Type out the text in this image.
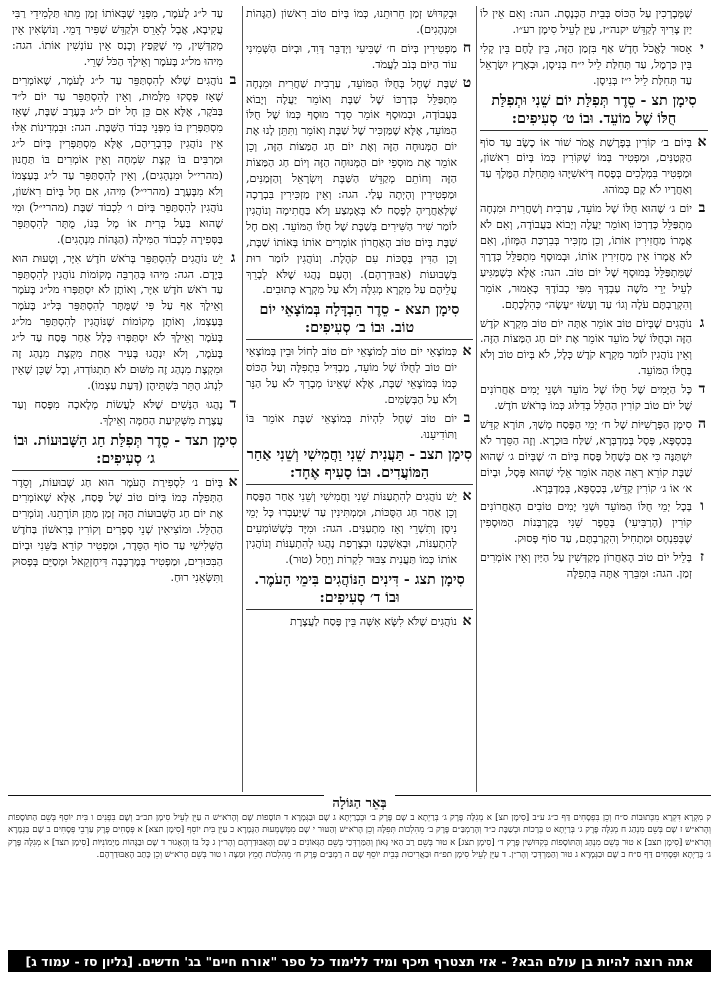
שֶׁמְּבָרְכִין עַל הַכּוֹס בְּבֵית הַכְּנֶסֶת. הגה: וְאִם אֵין לוֹ יַיִן צָרִיךְ לְקַדֵּשׁ יקנה״ז, עַיֵּן לְעֵיל סִימָן רע״ו.
י
אָסוּר לֶאֱכֹל חָדָשׁ אַף בִּזְמַן הַזֶּה, בֵּין לֶחֶם בֵּין קָלִי בֵּין כַּרְמֶל, עַד תְּחִלַּת לֵיל י״ח בְּנִיסָן, וּבְאֶרֶץ יִשְׂרָאֵל עַד תְּחִלַּת לֵיל י״ז בְּנִיסָן.
סִימָן תצ - סֵדֶר תְּפִלַּת יוֹם שֵׁנִי וּתְפִלַּת חֻלּוֹ שֶׁל מוֹעֵד. וּבוֹ ט׳ סְעִיפִים:
א
בְּיוֹם ב׳ קוֹרִין בְּפָרָשַׁת אֱמֹר שׁוֹר אוֹ כֶשֶׂב עַד סוֹף הַקְּטַנִּים, וּמַפְטִיר בְּמוֹ שֶׁקּוֹרִין כְּמוֹ בְּיוֹם רִאשׁוֹן, וּמַפְטִיר בִּמְלָכִים בְּפֶסַח דְּיֹאשִׁיָּהוּ מִתְּחִלַּת הַמֶּלֶךְ עַד וְאַחֲרָיו לֹא קָם כָּמוֹהוּ.
ב
יוֹם ג׳ שֶׁהוּא חֻלּוֹ שֶׁל מוֹעֵד, עַרְבִית וְשַׁחֲרִית וּמִנְחָה מִתְפַּלֵּל כְּדַרְכּוֹ וְאוֹמֵר יַעֲלֶה וְיָבוֹא בַּעֲבוֹדָה, וְאִם לֹא אֲמָרוֹ מַחֲזִירִין אוֹתוֹ, וְכֵן מַזְכִּיר בְּבִרְכַּת הַמָּזוֹן, וְאִם לֹא אֲמָרוֹ אֵין מַחֲזִירִין אוֹתוֹ, וּבְמוּסָף מִתְפַּלֵּל כְּדֶרֶךְ שֶׁמִּתְפַּלֵּל בְּמוּסָף שֶׁל יוֹם טוֹב. הגה: אֶלָּא כְּשֶׁמַּגִּיעַ לְעֵיל יְרֵי מֹשֶׁה עַבְדֶּךָ מִפִּי כְבוֹדֶךָ כָּאָמוּר, אוֹמֵר וְהִקְרַבְתֶּם עֹלָה וְגוֹ׳ עַד וְעָשׂוּ ״עָשָׂה״ כְּהִלְכָתָם.
ג
נוֹהֲגִים שֶׁבְּיוֹם טוֹב אוֹמֵר אַתָּה יוֹם טוֹב מִקְרָא קֹדֶשׁ הַזֶּה וּבְחֻלּוֹ שֶׁל מוֹעֵד אוֹמֵר אֶת יוֹם חַג הַמַּצּוֹת הַזֶּה. וְאֵין נוֹהֲגִין לוֹמַר מִקְרָא קֹדֶשׁ כְּלָל, לֹא בְּיוֹם טוֹב וְלֹא בְּחֻלּוֹ הַמּוֹעֵד.
ד
כָּל הַיָּמִים שֶׁל חֻלּוֹ שֶׁל מוֹעֵד וּשְׁנֵי יָמִים אַחֲרוֹנִים שֶׁל יוֹם טוֹב קוֹרִין הַהַלֵּל בְּדִלּוּג כְּמוֹ בְּרֹאשׁ חֹדֶשׁ.
ה
סִימָן הַפָּרָשִׁיּוֹת שֶׁל ח׳ יְמֵי הַפֶּסַח מְשַׁךְ, תּוֹרָא קַדֵּשׁ בְּכַסְפָּא, פְּסָל בְּמַדְבְּרָא, שַׁלַּח בּוּכְרָא. וְזֶה הַסֵּדֶר לֹא יִשְׁתַּנֶּה כִּי אִם כְּשֶׁחָל פֶּסַח בְּיוֹם ה׳ שֶׁבְּיוֹם ג׳ שֶׁהוּא שַׁבָּת קוֹרֵא רְאֵה אַתָּה אוֹמֵר אֵלַי שֶׁהוּא פְּסָל, וּבְיוֹם א׳ אוֹ ג׳ קוֹרִין קַדֵּשׁ, בְּכַסְפָּא, בְּמַדְבְּרָא.
ו
בְּכָל יְמֵי חֻלּוֹ הַמּוֹעֵד וּשְׁנֵי יָמִים טוֹבִים הָאַחֲרוֹנִים קוֹרִין (הָרַבִּיעִי) בְּסֵפֶר שֵׁנִי בְּקָרְבְּנוֹת הַמּוּסָפִין שֶׁבְּפִנְחָס וּמַתְחִיל וְהִקְרַבְתֶּם, עַד סוֹף פָּסוּק.
ז
בְּלֵיל יוֹם טוֹב הָאַחֲרוֹן מְקַדְּשִׁין עַל הַיַּיִן וְאֵין אוֹמְרִים זְמַן. הגה: וּמִבֵּרַךְ אַתָּה בִּתְפִלָּה
וּבְקִדּוּשׁ זְמַן חֵרוּתֵנוּ, כְּמוֹ בְּיוֹם טוֹב רִאשׁוֹן (הַגָּהוֹת וּמִנְהָגִים).
ח
מַפְטִירִין בְּיוֹם ח׳ שֶׁבִּיעִי וַיְדַבֵּר דָּוִד, וּבְיוֹם הַשְּׁמִינִי עוֹד הַיּוֹם בְּנֹב לַעֲמֹד.
ט
שַׁבָּת שֶׁחָל בְּחֻלּוֹ הַמּוֹעֵד, עַרְבִית שַׁחֲרִית וּמִנְחָה מִתְפַּלֵּל כְּדַרְכּוֹ שֶׁל שַׁבָּת וְאוֹמֵר יַעֲלֶה וְיָבוֹא בַּעֲבוֹדָה, וּבְמוּסָף אוֹמֵר סֵדֶר מוּסָף כְּמוֹ שֶׁל חֻלּוֹ הַמּוֹעֵד, אֶלָּא שֶׁמַּזְכִּיר שֶׁל שַׁבָּת וְאוֹמֵר וַתִּתֵּן לָנוּ אֶת יוֹם הַמְּנוּחָה הַזֶּה וְאֶת יוֹם חַג הַמַּצּוֹת הַזֶּה, וְכֵן אוֹמֵר אֶת מוּסְפֵי יוֹם הַמְּנוּחָה הַזֶּה וְיוֹם חַג הַמַּצּוֹת הַזֶּה וְחוֹתֵם מְקַדֵּשׁ הַשַּׁבָּת וְיִשְׂרָאֵל וְהַזְּמַנִּים, וּמַפְטִירִין וְהָיְתָה עָלַי. הגה: וְאֵין מַזְכִּירִין בִּבְרָכָה שֶׁלְּאַחֲרֶיהָ לְפֶסַח לֹא בְּאֶמְצַע וְלֹא בַּחֲתִימָה וְנוֹהֲגִין לוֹמַר שִׁיר הַשִּׁירִים בְּשַׁבָּת שֶׁל חֻלּוֹ הַמּוֹעֵד. וְאִם חָל שַׁבָּת בְּיוֹם טוֹב הָאַחֲרוֹן אוֹמְרִים אוֹתוֹ בְּאוֹתוֹ שַׁבָּת, וְכֵן הַדִּין בְּסֻכּוֹת עִם קֹהֶלֶת. וְנוֹהֲגִין לוֹמַר רוּת בְּשָׁבוּעוֹת (אַבּוּדַרְהָם). וְהָעָם נָהֲגוּ שֶׁלֹּא לְבָרֵךְ עֲלֵיהֶם עַל מִקְרָא מְגִלָּה וְלֹא עַל מִקְרָא כְּתוּבִים.
סִימָן תצא - סֵדֶר הַבְדָּלָה בְּמוֹצָאֵי יוֹם טוֹב. וּבוֹ ב׳ סְעִיפִים:
א
כְּמוֹצָאֵי יוֹם טוֹב לְמוֹצָאֵי יוֹם טוֹב לְחוֹל וּבֵין בְּמוֹצָאֵי יוֹם טוֹב לְחֻלּוֹ שֶׁל מוֹעֵד, מַבְדִּיל בִּתְפִלָּה וְעַל הַכּוֹס כְּמוֹ בְּמוֹצָאֵי שַׁבָּת, אֶלָּא שֶׁאֵינוֹ מְבָרֵךְ לֹא עַל הַנֵּר וְלֹא עַל הַבְּשָׂמִים.
ב
יוֹם טוֹב שֶׁחָל לִהְיוֹת בְּמוֹצָאֵי שַׁבָּת אוֹמֵר בּוֹ וַתּוֹדִיעֵנוּ.
סִימָן תצב - תַּעֲנִית שֵׁנִי וַחֲמִישִׁי וְשֵׁנִי אַחַר הַמּוֹעֲדִים. וּבוֹ סָעִיף אֶחָד:
א
יֵשׁ נוֹהֲגִים לְהִתְעַנּוֹת שֵׁנִי וַחֲמִישִׁי וְשֵׁנִי אַחַר הַפֶּסַח וְכֵן אַחַר חַג הַסֻּכּוֹת, וּמַמְתִּינִין עַד שֶׁיַּעַבְרוּ כָּל יְמֵי נִיסָן וְתִשְׁרֵי וְאָז מִתְעַנִּים. הגה: וּמִיָּד כְּשֶׁשּׁוֹמְעִים לְהִתְעַנּוֹת, וּבְאַשְׁכְּנַז וּבְצָרְפַת נָהֲגוּ לְהִתְעַנּוֹת וְנוֹהֲגִין אוֹתוֹ כְּמוֹ תַּעֲנִית צִבּוּר לִקְרוֹת וַיְחַל (טוּר).
סִימָן תצג - דִּינִים הַנּוֹהֲגִים בִּימֵי הָעֹמֶר. וּבוֹ ד׳ סְעִיפִים:
א
נוֹהֲגִים שֶׁלֹּא לִשָּׂא אִשָּׁה בֵּין פֶּסַח לַעֲצֶרֶת
עַד ל״ג לָעֹמֶר, מִפְּנֵי שֶׁבְּאוֹתוֹ זְמַן מֵתוּ תַּלְמִידֵי רַבִּי עֲקִיבָא, אֲבָל לְאָרֵס וּלְקַדֵּשׁ שַׁפִּיר דָּמֵי. וְנוֹשְׂאִין אֵין מְקַדְּשִׁין, מִי שֶׁקָּפַץ וְכָנַס אֵין עוֹנְשִׁין אוֹתוֹ. הגה: מִיהוּ מל״ג בָּעֹמֶר וְאֵילָךְ הַכֹּל שָׁרֵי.
ב
נוֹהֲגִים שֶׁלֹּא לְהִסְתַּפֵּר עַד ל״ג לָעֹמֶר, שֶׁאוֹמְרִים שֶׁאָז פָּסְקוּ מִלָּמוּת, וְאֵין לְהִסְתַּפֵּר עַד יוֹם ל״ד בַּבֹּקֶר, אֶלָּא אִם כֵּן חָל יוֹם ל״ג בְּעֶרֶב שַׁבָּת, שֶׁאָז מִסְתַּפְּרִין בּוֹ מִפְּנֵי כְּבוֹד הַשַּׁבָּת. הגה: וּבִמְדִינוֹת אֵלּוּ אֵין נוֹהֲגִין כְּדִבְרֵיהֶם, אֶלָּא מִסְתַּפְּרִין בְּיוֹם ל״ג וּמַרְבִּים בּוֹ קְצָת שִׂמְחָה וְאֵין אוֹמְרִים בּוֹ תַּחֲנוּן (מהרי״ל וּמִנְהָגִים), וְאֵין לְהִסְתַּפֵּר עַד ל״ג בְּעַצְמוֹ וְלֹא מִבָּעֶרֶב (מהרי״ל) מִיהוּ, אִם חָל בְּיוֹם רִאשׁוֹן, נוֹהֲגִין לְהִסְתַּפֵּר בְּיוֹם ו׳ לִכְבוֹד שַׁבָּת (מהרי״ל) וּמִי שֶׁהוּא בַּעַל בְּרִית אוֹ מָל בְּנוֹ, מֻתָּר לְהִסְתַּפֵּר בַּסְּפִירָה לִכְבוֹד הַמִּילָה (הַגָּהוֹת מִנְהָגִים).
ג
יֵשׁ נוֹהֲגִים לְהִסְתַּפֵּר בְּרֹאשׁ חֹדֶשׁ אִיָּר, וְטָעוּת הוּא בְּיָדָם. הגה: מִיהוּ בְּהַרְבֵּה מְקוֹמוֹת נוֹהֲגִין לְהִסְתַּפֵּר עַד רֹאשׁ חֹדֶשׁ אִיָּר, וְאוֹתָן לֹא יִסְתַּפְּרוּ מל״ג בָּעֹמֶר וְאֵילָךְ אַף עַל פִּי שֶׁמֻּתָּר לְהִסְתַּפֵּר בְּל״ג בָּעֹמֶר בְּעַצְמוֹ, וְאוֹתָן מְקוֹמוֹת שֶׁנּוֹהֲגִין לְהִסְתַּפֵּר מל״ג בָּעֹמֶר וְאֵילָךְ לֹא יִסְתַּפְּרוּ כְּלָל אַחַר פֶּסַח עַד ל״ג בָּעֹמֶר, וְלֹא יִנְהֲגוּ בָּעִיר אַחַת מִקְצָת מִנְהַג זֶה וּמִקְצָת מִנְהַג זֶה מִשּׁוּם לֹא תִתְגּוֹדְדוּ, וְכָל שֶׁכֵּן שֶׁאֵין לִנְהֹג הֶתֵּר בִּשְׁתֵּיהֶן (דַּעַת עַצְמוֹ).
ד
נָהֲגוּ הַנָּשִׁים שֶׁלֹּא לַעֲשׂוֹת מְלָאכָה מִפֶּסַח וְעַד עֲצֶרֶת מִשְּׁקִיעַת הַחַמָּה וְאֵילָךְ.
סִימָן תצד - סֵדֶר תְּפִלַּת חַג הַשָּׁבוּעוֹת. וּבוֹ ג׳ סְעִיפִים:
א
בְּיוֹם נ׳ לִסְפִירַת הָעֹמֶר הוּא חַג שָׁבוּעוֹת, וְסֵדֶר הַתְּפִלָּה כְּמוֹ בְּיוֹם טוֹב שֶׁל פֶּסַח, אֶלָּא שֶׁאוֹמְרִים אֶת יוֹם חַג הַשָּׁבוּעוֹת הַזֶּה זְמַן מַתַּן תּוֹרָתֵנוּ. וְגוֹמְרִים הַהַלֵּל. וּמוֹצִיאִין שְׁנֵי סְפָרִים וְקוֹרִין בָּרִאשׁוֹן בַּחֹדֶשׁ הַשְּׁלִישִׁי עַד סוֹף הַסֵּדֶר, וּמַפְטִיר קוֹרֵא בַּשֵּׁנִי וּבְיוֹם הַבִּכּוּרִים, וּמַפְטִיר בְּמֶרְכָּבָה דִּיחֶזְקֵאל וּמְסַיֵּם בְּפָסוּק וַתִּשָּׂאֵנִי רוּחַ.
בְּאֵר הַגּוֹלָה
ק מִקְרָא דִּקְרָא מִכְּתוּבוֹת ס״ח וְכֵן בִּפְסָחִים דַּף כ״ג ע״ב [סִימָן תצ] א מְגִלָּה פֶּרֶק ג׳ בְּרַיְתָא ב שָׁם פֶּרֶק ב׳ וּבְבָרַיְתָא ג שָׁם וּבַגְּמָרָא ד תּוֹסָפוֹת שָׁם וְהָרֹא״שׁ ה עַיֵּן לְעֵיל סִימָן תכ״ב וְשָׁם בִּפְנִים ו בִּית יוֹסֵף בְּשֵׁם הַתּוֹסָפוֹת וְהָרֹא״שׁ ז שָׁם בְּשֵׁם מִנְהַג ח מְגִלָּה פֶּרֶק ג׳ בְּרַיְתָא ט בְּרָכוֹת וּבְשַׁבָּת כ״ד וְהָרַמְבַּ״ם פֶּרֶק ב׳ מֵהִלְכוֹת תְּפִלָּה וְכֵן הָרֹא״שׁ וְהַטּוּר י שָׁם מִמְּשָׁמְעוּת הַגְּמָרָא כ עַיֵּן בִּית יוֹסֵף [סִימָן תצא] א פְּסָחִים פֶּרֶק עַרְבֵי פְּסָחִים ב שָׁם בַּגְּמָרָא וְהָרֹא״שׁ [סִימָן תצב] א טוּר בְּשֵׁם מִנְהַג וְהַתּוֹסָפוֹת בְּקִדּוּשִׁין פֶּרֶק ד׳ [סִימָן תצג] א טוּר בְּשֵׁם רַב הַאי גָּאוֹן וְהַמַּרְדְּכַי בְּשֵׁם הַגְּאוֹנִים ב שָׁם וְהָאַבּוּדַרְהָם וְהָר״ן ג כָּל בּוֹ וְהָאָגוּר ד שָׁם וּבַגָּהוֹת מַיְמוֹנִיּוֹת [סִימָן תצד] א מְגִלָּה פֶּרֶק ג׳ בְּרַיְתָא וּפְסָחִים דַּף ס״ח ב שָׁם וּבַגְּמָרָא ג טוּר וְהַמַּרְדְּכַי וְהָר״ן. ד עַיֵּן לְעֵיל סִימָן תפ״ח וּבַאֲרִיכוּת בְּבֵית יוֹסֵף שָׁם ה רַמְבַּ״ם פֶּרֶק ח׳ מֵהִלְכוֹת חָמֵץ וּמַצָּה ו טוּר בְּשֵׁם הָרֹא״שׁ וְכֵן כָּתַב הָאַבּוּדַרְהָם.
אתה רוצה להיות בן עולם הבא? - אזי תצטרף תיכף ומיד ללימוד כל ספר "אורח חיים" בג' חדשים. [גליון סז - עמוד ג]
